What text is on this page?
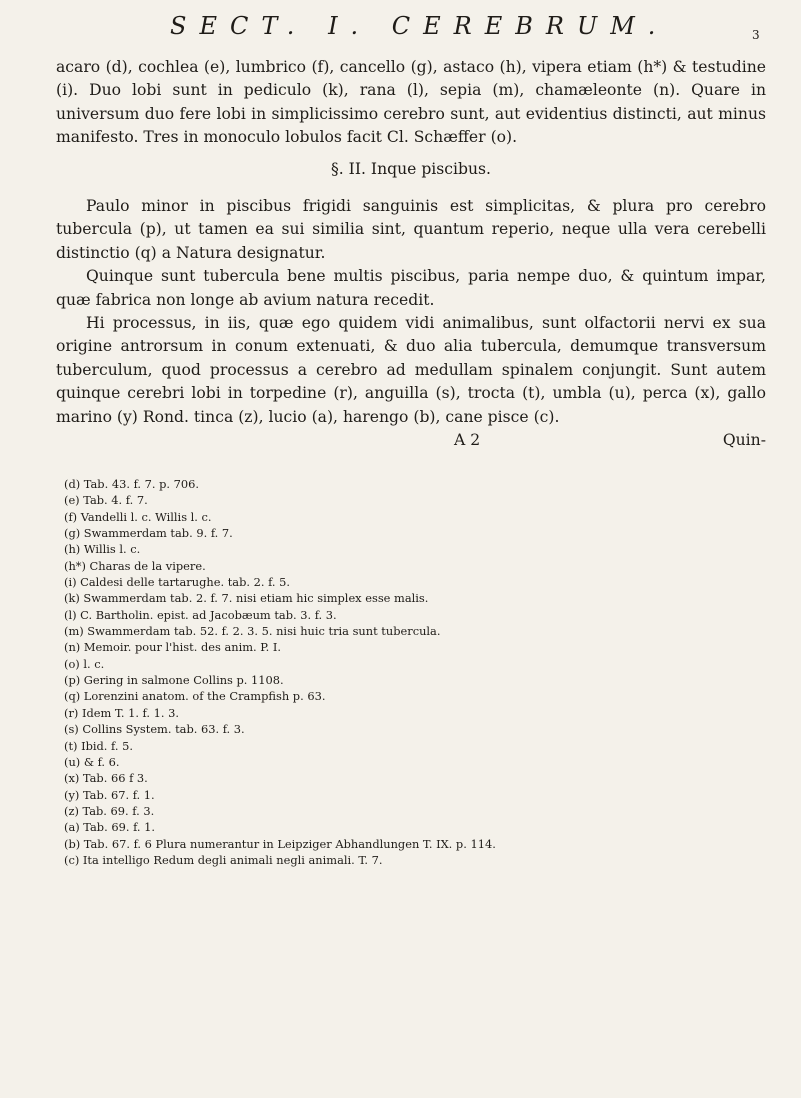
SECT. I. CEREBRUM.	3

acaro (d), cochlea (e), lumbrico (f), cancello (g), astaco (h), vipera etiam (h*) & testudine (i). Duo lobi sunt in pediculo (k), rana (l), sepia (m), chamæleonte (n). Quare in universum duo fere lobi in simplicissimo cerebro sunt, aut evidentius distincti, aut minus manifesto. Tres in monoculo lobulos facit Cl. Schæffer (o).

§. II. Inque piscibus.

Paulo minor in piscibus frigidi sanguinis est simplicitas, & plura pro cerebro tubercula (p), ut tamen ea sui similia sint, quantum reperio, neque ulla vera cerebelli distinctio (q) a Natura designatur.

Quinque sunt tubercula bene multis piscibus, paria nempe duo, & quintum impar, quæ fabrica non longe ab avium natura recedit.

Hi processus, in iis, quæ ego quidem vidi animalibus, sunt olfactorii nervi ex sua origine antrorsum in conum extenuati, & duo alia tubercula, demumque transversum tuberculum, quod processus a cerebro ad medullam spinalem conjungit. Sunt autem quinque cerebri lobi in torpedine (r), anguilla (s), trocta (t), umbla (u), perca (x), gallo marino (y) Rond. tinca (z), lucio (a), harengo (b), cane pisce (c).

A 2	Quin-

(d) Tab. 43. f. 7. p. 706.

(e) Tab. 4. f. 7.

(f) Vandelli l. c. Willis l. c.

(g) Swammerdam tab. 9. f. 7.

(h) Willis l. c.

(h*) Charas de la vipere.

(i) Caldesi delle tartarughe. tab. 2. f. 5.

(k) Swammerdam tab. 2. f. 7. nisi etiam hic simplex esse malis.

(l) C. Bartholin. epist. ad Jacobæum tab. 3. f. 3.

(m) Swammerdam tab. 52. f. 2. 3. 5. nisi huic tria sunt tubercula.

(n) Memoir. pour l'hist. des anim. P. I.

(o) l. c.

(p) Gering in salmone Collins p. 1108.

(q) Lorenzini anatom. of the Crampfish p. 63.

(r) Idem T. 1. f. 1. 3.

(s) Collins System. tab. 63. f. 3.

(t) Ibid. f. 5.

(u) & f. 6.

(x) Tab. 66 f 3.

(y) Tab. 67. f. 1.

(z) Tab. 69. f. 3.

(a) Tab. 69. f. 1.

(b) Tab. 67. f. 6 Plura numerantur in Leipziger Abhandlungen T. IX. p. 114.

(c) Ita intelligo Redum degli animali negli animali. T. 7.
